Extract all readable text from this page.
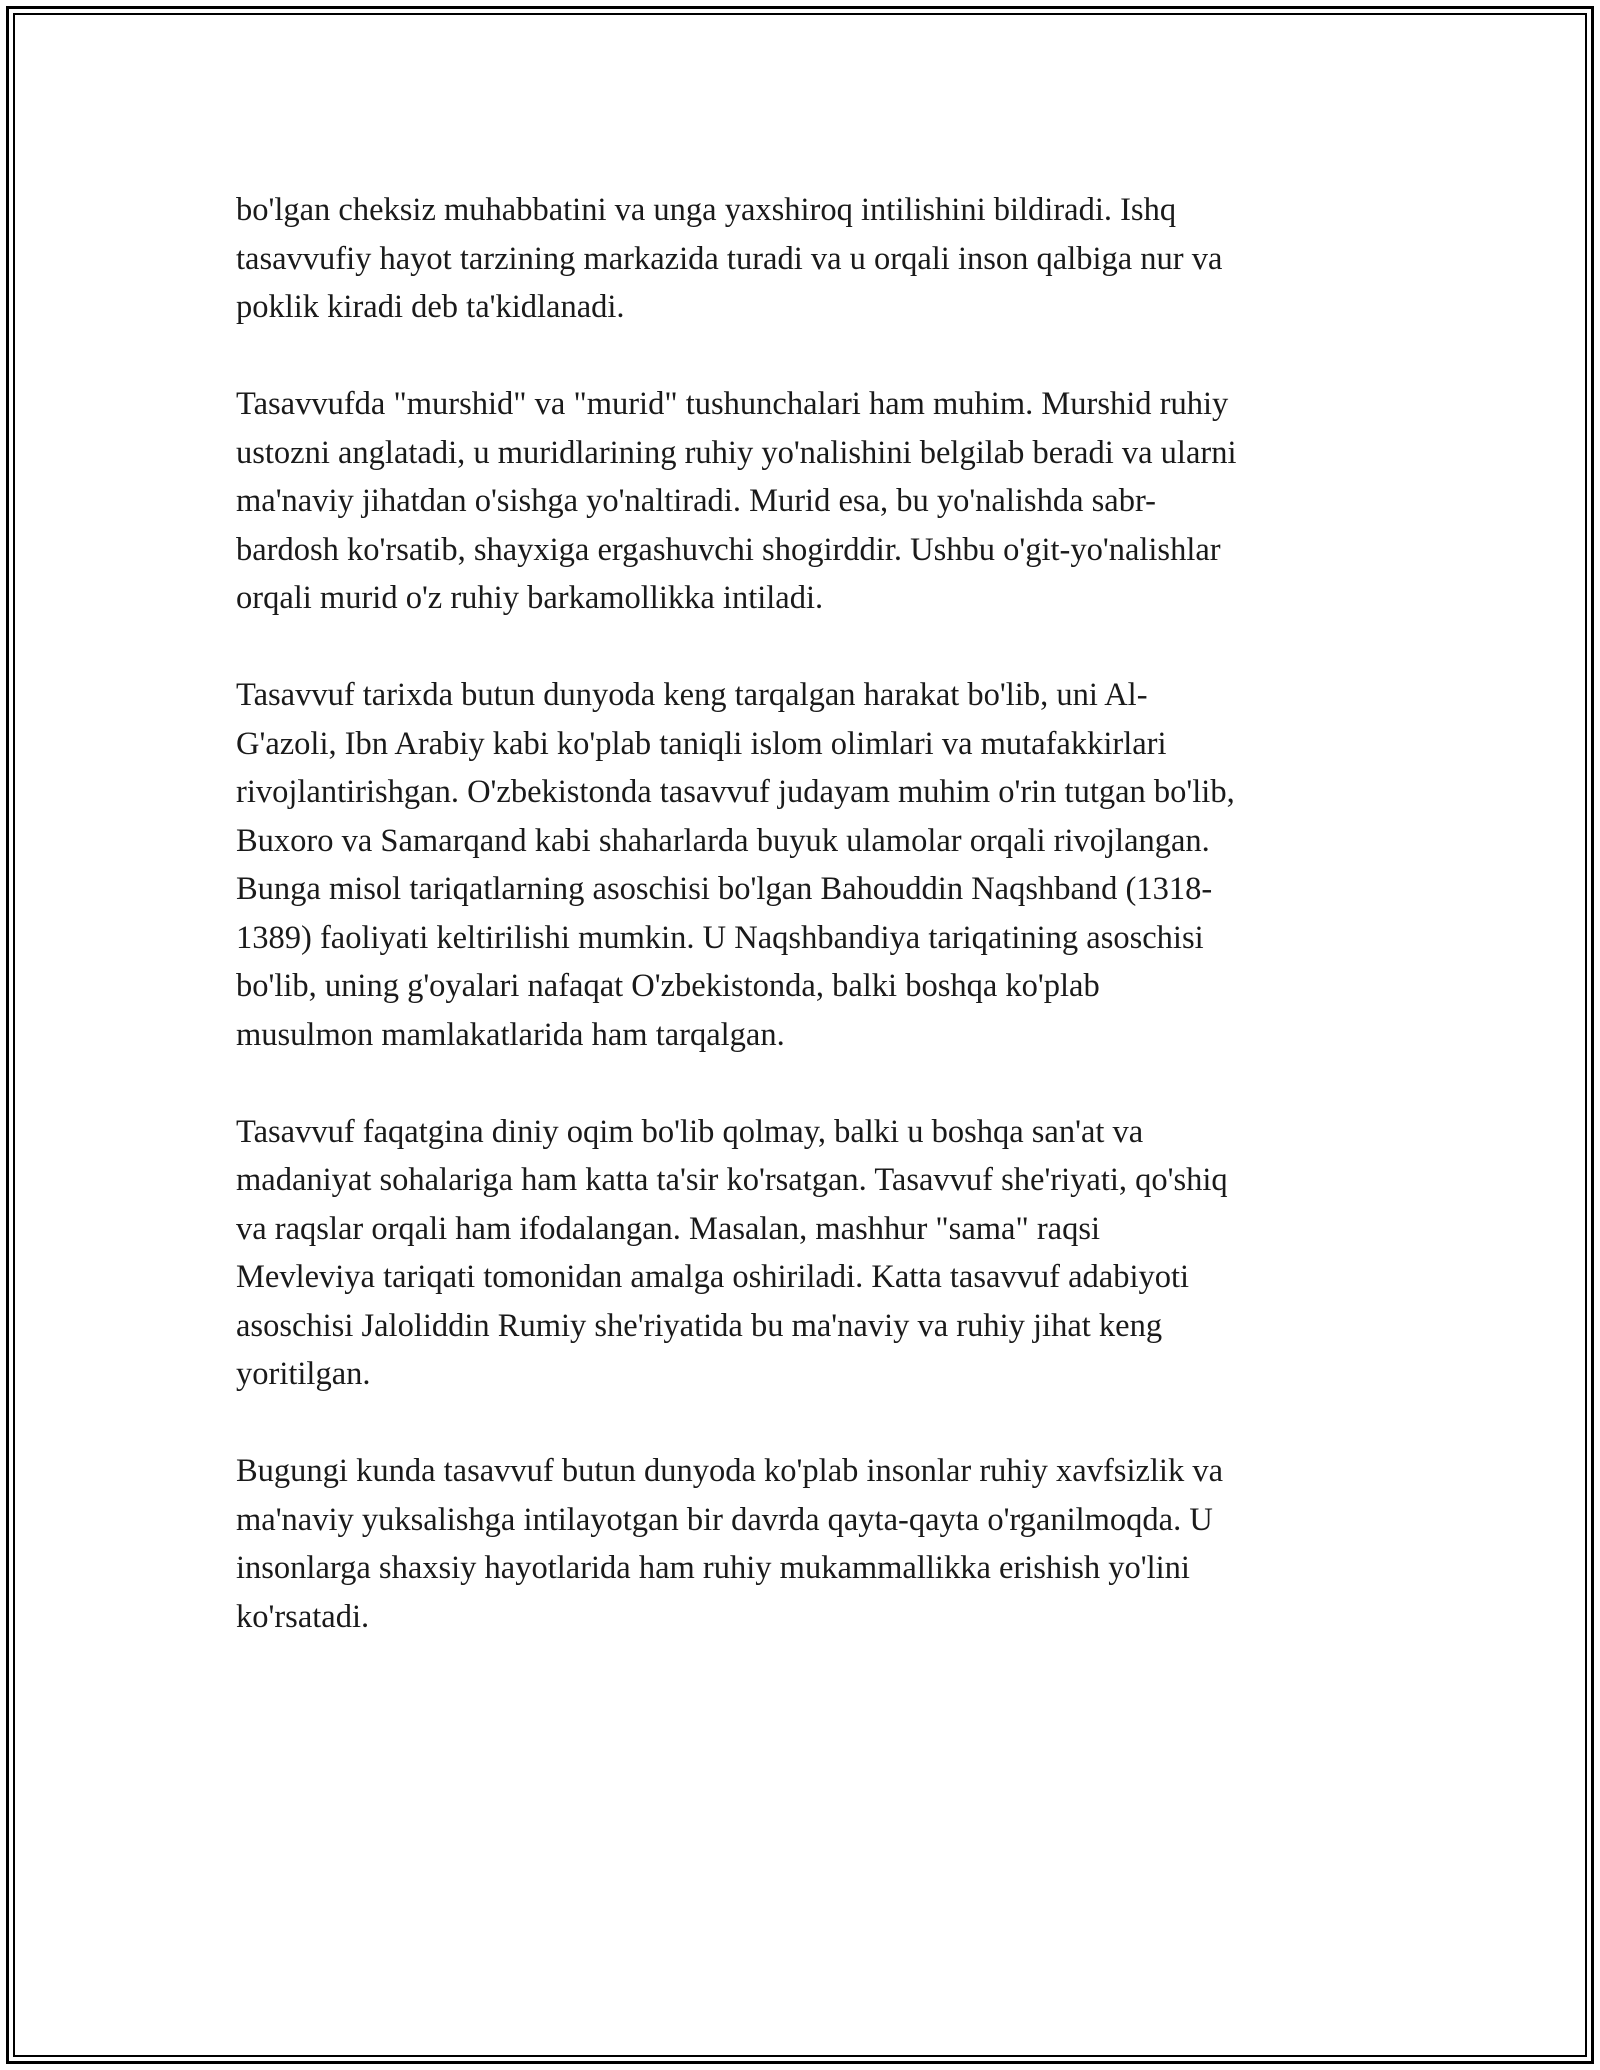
bo'lgan cheksiz muhabbatini va unga yaxshiroq intilishini bildiradi. Ishq
tasavvufiy hayot tarzining markazida turadi va u orqali inson qalbiga nur va
poklik kiradi deb ta'kidlanadi.

Tasavvufda "murshid" va "murid" tushunchalari ham muhim. Murshid ruhiy
ustozni anglatadi, u muridlarining ruhiy yo'nalishini belgilab beradi va ularni
ma'naviy jihatdan o'sishga yo'naltiradi. Murid esa, bu yo'nalishda sabr-
bardosh ko'rsatib, shayxiga ergashuvchi shogirddir. Ushbu o'git-yo'nalishlar
orqali murid o'z ruhiy barkamollikka intiladi.

Tasavvuf tarixda butun dunyoda keng tarqalgan harakat bo'lib, uni Al-
G'azoli, Ibn Arabiy kabi ko'plab taniqli islom olimlari va mutafakkirlari
rivojlantirishgan. O'zbekistonda tasavvuf judayam muhim o'rin tutgan bo'lib,
Buxoro va Samarqand kabi shaharlarda buyuk ulamolar orqali rivojlangan.
Bunga misol tariqatlarning asoschisi bo'lgan Bahouddin Naqshband (1318-
1389) faoliyati keltirilishi mumkin. U Naqshbandiya tariqatining asoschisi
bo'lib, uning g'oyalari nafaqat O'zbekistonda, balki boshqa ko'plab
musulmon mamlakatlarida ham tarqalgan.

Tasavvuf faqatgina diniy oqim bo'lib qolmay, balki u boshqa san'at va
madaniyat sohalariga ham katta ta'sir ko'rsatgan. Tasavvuf she'riyati, qo'shiq
va raqslar orqali ham ifodalangan. Masalan, mashhur "sama" raqsi
Mevleviya tariqati tomonidan amalga oshiriladi. Katta tasavvuf adabiyoti
asoschisi Jaloliddin Rumiy she'riyatida bu ma'naviy va ruhiy jihat keng
yoritilgan.

Bugungi kunda tasavvuf butun dunyoda ko'plab insonlar ruhiy xavfsizlik va
ma'naviy yuksalishga intilayotgan bir davrda qayta-qayta o'rganilmoqda. U
insonlarga shaxsiy hayotlarida ham ruhiy mukammallikka erishish yo'lini
ko'rsatadi.
